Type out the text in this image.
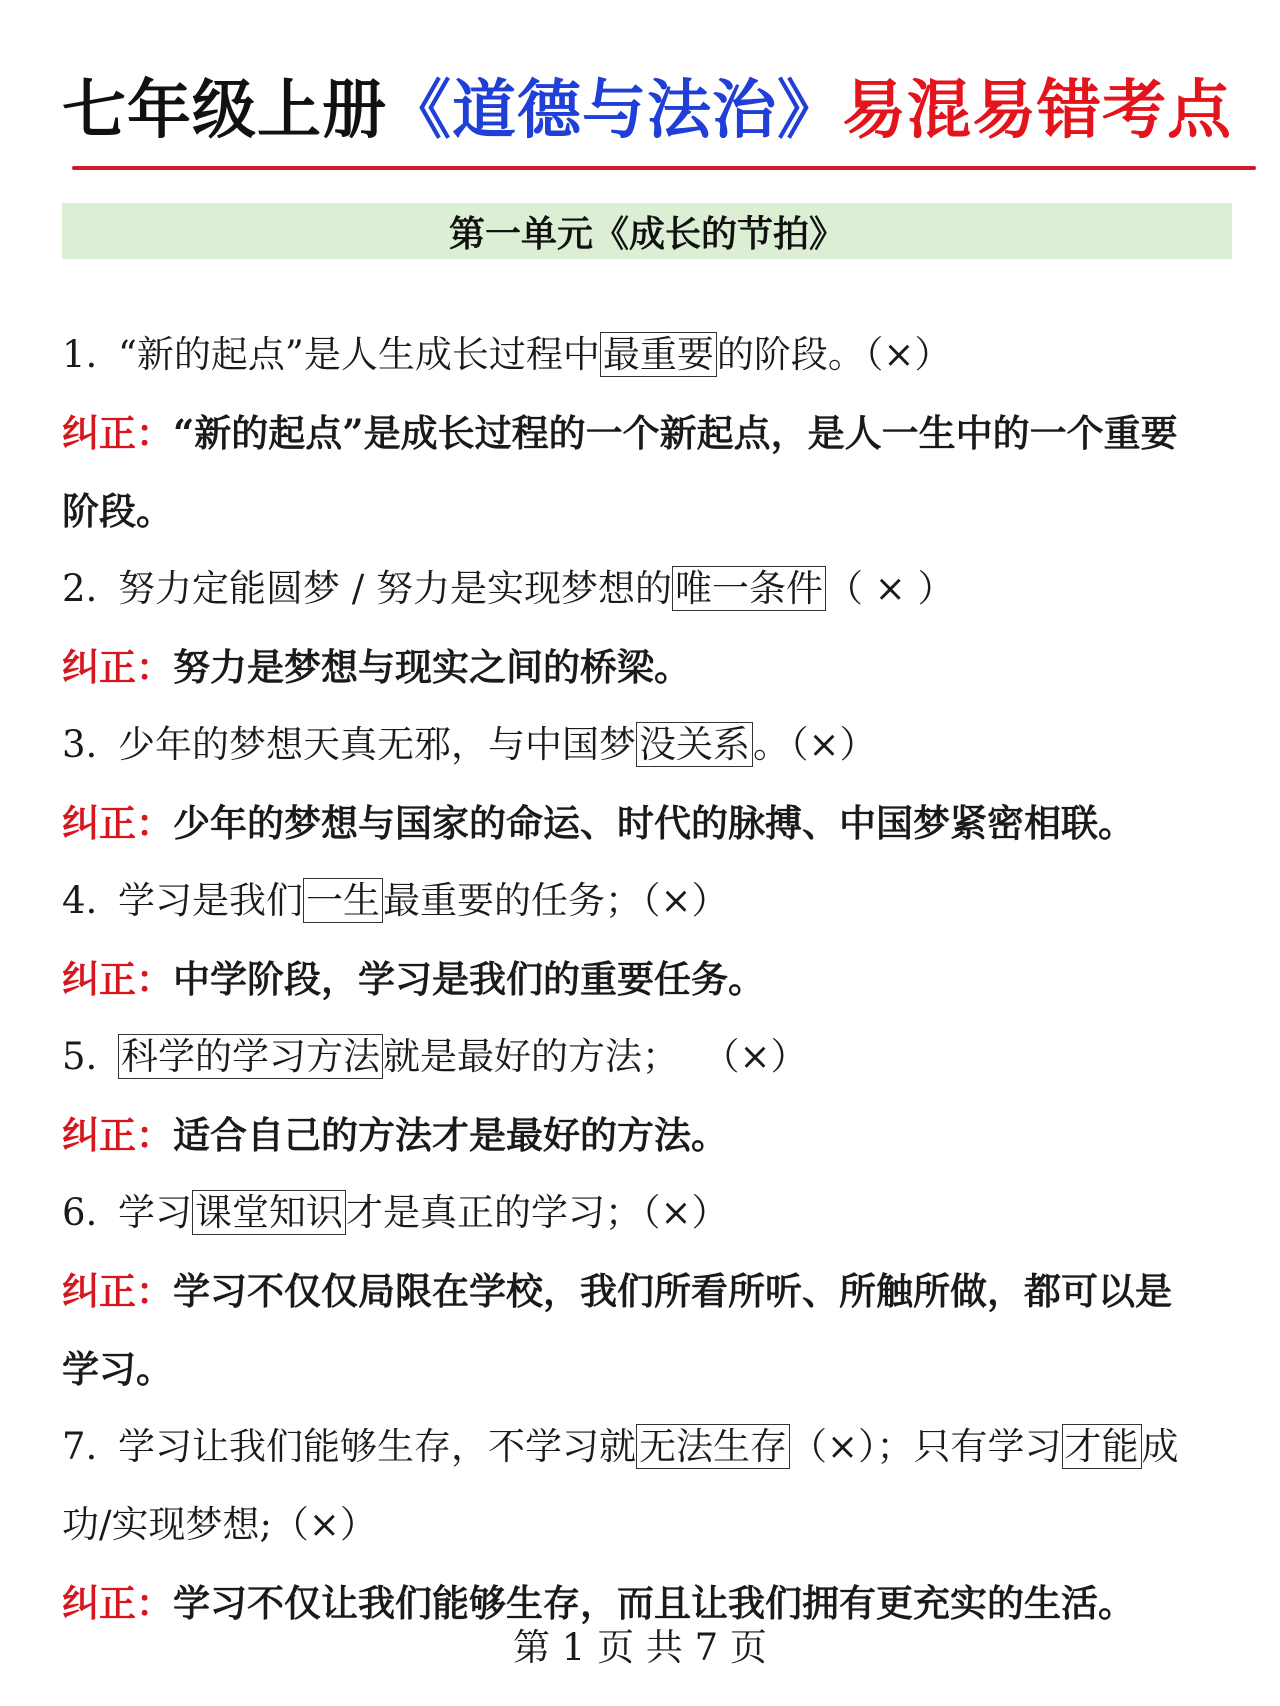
七年级上册《道德与法治》易混易错考点
第一单元《成长的节拍》
1. “新的起点”是人生成长过程中最重要的阶段。（×）
纠正：“新的起点”是成长过程的一个新起点，是人一生中的一个重要
阶段。
2. 努力定能圆梦 / 努力是实现梦想的唯一条件（ × ）
纠正：努力是梦想与现实之间的桥梁。
3. 少年的梦想天真无邪，与中国梦没关系。（×）
纠正：少年的梦想与国家的命运、时代的脉搏、中国梦紧密相联。
4. 学习是我们一生最重要的任务；（×）
纠正：中学阶段，学习是我们的重要任务。
5. 科学的学习方法就是最好的方法；  （×）
纠正：适合自己的方法才是最好的方法。
6. 学习课堂知识才是真正的学习；（×）
纠正：学习不仅仅局限在学校，我们所看所听、所触所做，都可以是
学习。
7. 学习让我们能够生存，不学习就无法生存（×）；只有学习才能成
功/实现梦想;（×）
纠正：学习不仅让我们能够生存，而且让我们拥有更充实的生活。
第 1 页 共 7 页
